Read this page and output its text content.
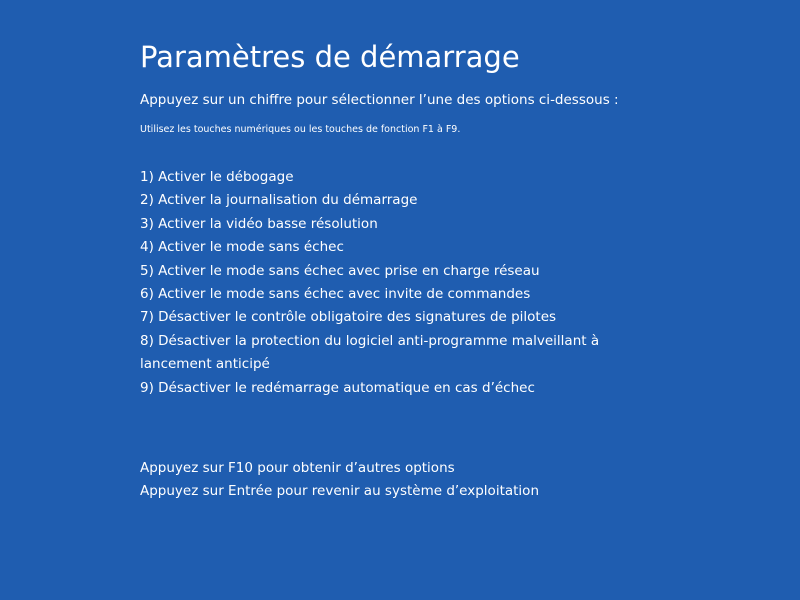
Paramètres de démarrage
Appuyez sur un chiffre pour sélectionner l’une des options ci-dessous :
Utilisez les touches numériques ou les touches de fonction F1 à F9.
1) Activer le débogage
2) Activer la journalisation du démarrage
3) Activer la vidéo basse résolution
4) Activer le mode sans échec
5) Activer le mode sans échec avec prise en charge réseau
6) Activer le mode sans échec avec invite de commandes
7) Désactiver le contrôle obligatoire des signatures de pilotes
8) Désactiver la protection du logiciel anti-programme malveillant à lancement anticipé
9) Désactiver le redémarrage automatique en cas d’échec
Appuyez sur F10 pour obtenir d’autres options
Appuyez sur Entrée pour revenir au système d’exploitation
